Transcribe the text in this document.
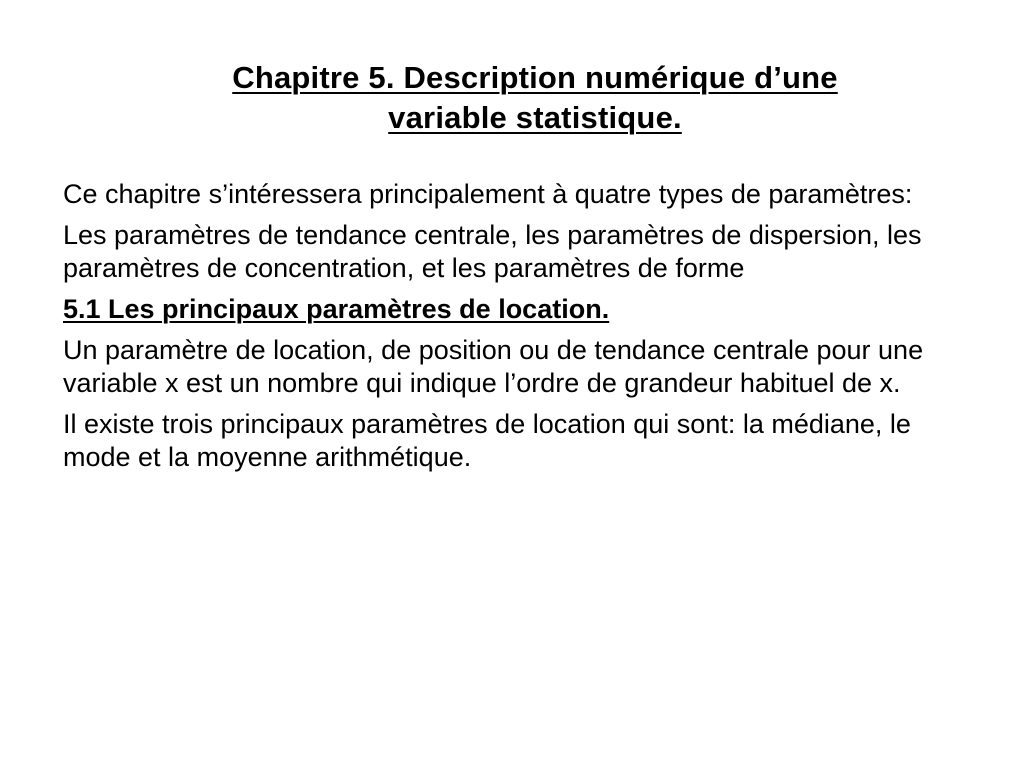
Chapitre 5. Description numérique d’une
variable statistique.

Ce chapitre s’intéressera principalement à quatre types de paramètres:

Les paramètres de tendance centrale, les paramètres de dispersion, les paramètres de concentration, et les paramètres de forme

5.1 Les principaux paramètres de location.

Un paramètre de location, de position ou de tendance centrale pour une variable x est un nombre qui indique l’ordre de grandeur habituel de x.

Il existe trois principaux paramètres de location qui sont: la médiane, le mode et la moyenne arithmétique.
